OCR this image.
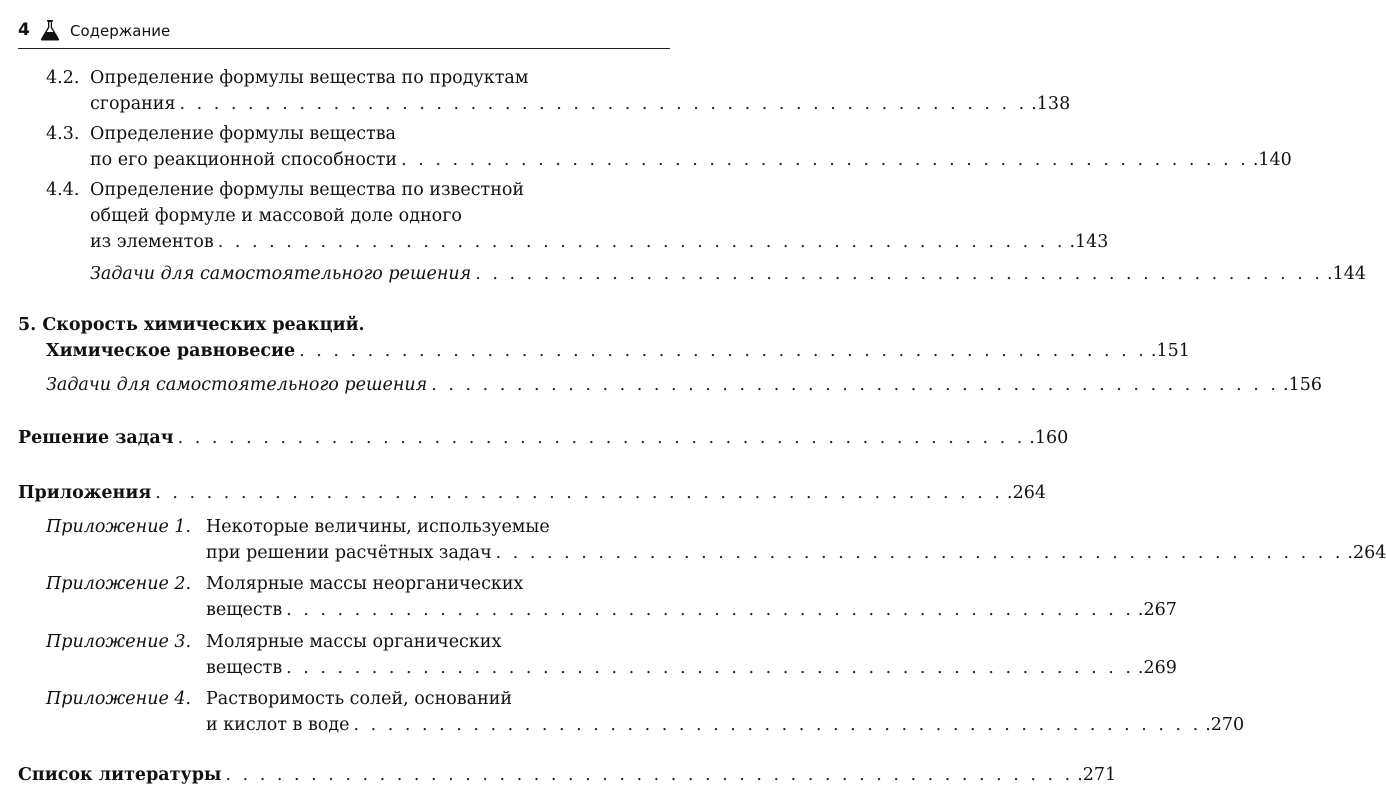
4	Содержание
4.2. Определение формулы вещества по продуктам
сгорания . . . . . . . . . . . . . . . . . . . . . . . . . . . . . . . . . . . . . . . . . . . . . . . . . . .138
4.3. Определение формулы вещества
по его реакционной способности . . . . . . . . . . . . . . . . . . . . . . . . . . . . . . . . . . . . . . . . . . . . . . . . . . .140
4.4. Определение формулы вещества по известной
общей формуле и массовой доле одного
из элементов . . . . . . . . . . . . . . . . . . . . . . . . . . . . . . . . . . . . . . . . . . . . . . . . . . .143
Задачи для самостоятельного решения . . . . . . . . . . . . . . . . . . . . . . . . . . . . . . . . . . . . . . . . . . . . . . . . . . .144
5. Скорость химических реакций.
Химическое равновесие . . . . . . . . . . . . . . . . . . . . . . . . . . . . . . . . . . . . . . . . . . . . . . . . . . .151
Задачи для самостоятельного решения . . . . . . . . . . . . . . . . . . . . . . . . . . . . . . . . . . . . . . . . . . . . . . . . . . .156
Решение задач . . . . . . . . . . . . . . . . . . . . . . . . . . . . . . . . . . . . . . . . . . . . . . . . . . .160
Приложения . . . . . . . . . . . . . . . . . . . . . . . . . . . . . . . . . . . . . . . . . . . . . . . . . . .264
Приложение 1. Некоторые величины, используемые
при решении расчётных задач . . . . . . . . . . . . . . . . . . . . . . . . . . . . . . . . . . . . . . . . . . . . . . . . . . .264
Приложение 2. Молярные массы неорганических
веществ . . . . . . . . . . . . . . . . . . . . . . . . . . . . . . . . . . . . . . . . . . . . . . . . . . .267
Приложение 3. Молярные массы органических
веществ . . . . . . . . . . . . . . . . . . . . . . . . . . . . . . . . . . . . . . . . . . . . . . . . . . .269
Приложение 4. Растворимость солей, оснований
и кислот в воде . . . . . . . . . . . . . . . . . . . . . . . . . . . . . . . . . . . . . . . . . . . . . . . . . . .270
Список литературы . . . . . . . . . . . . . . . . . . . . . . . . . . . . . . . . . . . . . . . . . . . . . . . . . . .271
